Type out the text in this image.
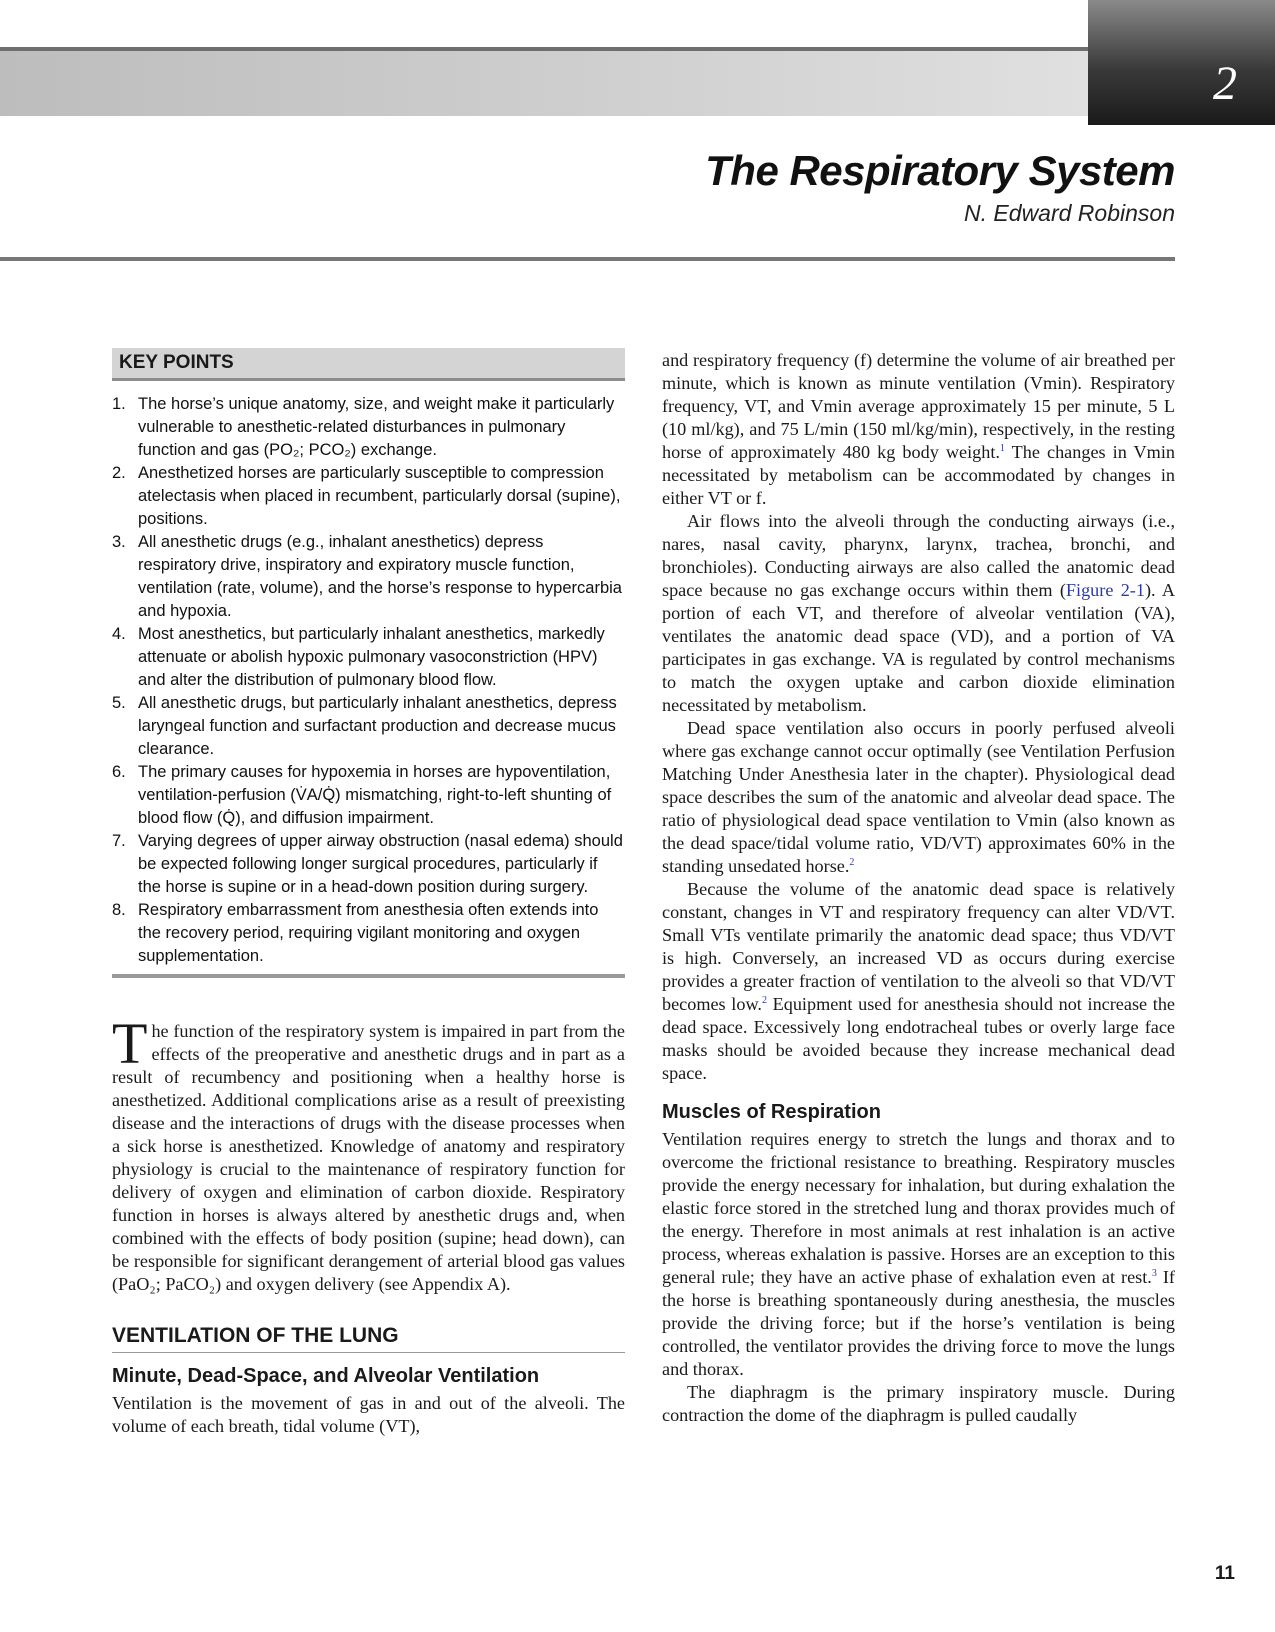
2
The Respiratory System
N. Edward Robinson
KEY POINTS
1. The horse’s unique anatomy, size, and weight make it particularly vulnerable to anesthetic-related disturbances in pulmonary function and gas (PO₂; PCO₂) exchange.
2. Anesthetized horses are particularly susceptible to compression atelectasis when placed in recumbent, particularly dorsal (supine), positions.
3. All anesthetic drugs (e.g., inhalant anesthetics) depress respiratory drive, inspiratory and expiratory muscle function, ventilation (rate, volume), and the horse’s response to hypercarbia and hypoxia.
4. Most anesthetics, but particularly inhalant anesthetics, markedly attenuate or abolish hypoxic pulmonary vasoconstriction (HPV) and alter the distribution of pulmonary blood flow.
5. All anesthetic drugs, but particularly inhalant anesthetics, depress laryngeal function and surfactant production and decrease mucus clearance.
6. The primary causes for hypoxemia in horses are hypoventilation, ventilation-perfusion (V̇A/Q̇) mismatching, right-to-left shunting of blood flow (Q̇), and diffusion impairment.
7. Varying degrees of upper airway obstruction (nasal edema) should be expected following longer surgical procedures, particularly if the horse is supine or in a head-down position during surgery.
8. Respiratory embarrassment from anesthesia often extends into the recovery period, requiring vigilant monitoring and oxygen supplementation.

The function of the respiratory system is impaired in part from the effects of the preoperative and anesthetic drugs and in part as a result of recumbency and positioning when a healthy horse is anesthetized. Additional complications arise as a result of preexisting disease and the interactions of drugs with the disease processes when a sick horse is anesthetized. Knowledge of anatomy and respiratory physiology is crucial to the maintenance of respiratory function for delivery of oxygen and elimination of carbon dioxide. Respiratory function in horses is always altered by anesthetic drugs and, when combined with the effects of body position (supine; head down), can be responsible for significant derangement of arterial blood gas values (PaO₂; PaCO₂) and oxygen delivery (see Appendix A).

VENTILATION OF THE LUNG
Minute, Dead-Space, and Alveolar Ventilation

Ventilation is the movement of gas in and out of the alveoli. The volume of each breath, tidal volume (VT),

and respiratory frequency (f) determine the volume of air breathed per minute, which is known as minute ventilation (Vmin). Respiratory frequency, VT, and Vmin average approximately 15 per minute, 5 L (10 ml/kg), and 75 L/min (150 ml/kg/min), respectively, in the resting horse of approximately 480 kg body weight.$^1$ The changes in Vmin necessitated by metabolism can be accommodated by changes in either VT or f.

Air flows into the alveoli through the conducting airways (i.e., nares, nasal cavity, pharynx, larynx, trachea, bronchi, and bronchioles). Conducting airways are also called the anatomic dead space because no gas exchange occurs within them (Figure 2-1). A portion of each VT, and therefore of alveolar ventilation (VA), ventilates the anatomic dead space (VD), and a portion of VA participates in gas exchange. VA is regulated by control mechanisms to match the oxygen uptake and carbon dioxide elimination necessitated by metabolism.

Dead space ventilation also occurs in poorly perfused alveoli where gas exchange cannot occur optimally (see Ventilation Perfusion Matching Under Anesthesia later in the chapter). Physiological dead space describes the sum of the anatomic and alveolar dead space. The ratio of physiological dead space ventilation to Vmin (also known as the dead space/tidal volume ratio, VD/VT) approximates 60% in the standing unsedated horse.$^2$

Because the volume of the anatomic dead space is relatively constant, changes in VT and respiratory frequency can alter VD/VT. Small VTs ventilate primarily the anatomic dead space; thus VD/VT is high. Conversely, an increased VD as occurs during exercise provides a greater fraction of ventilation to the alveoli so that VD/VT becomes low.$^2$ Equipment used for anesthesia should not increase the dead space. Excessively long endotracheal tubes or overly large face masks should be avoided because they increase mechanical dead space.

Muscles of Respiration

Ventilation requires energy to stretch the lungs and thorax and to overcome the frictional resistance to breathing. Respiratory muscles provide the energy necessary for inhalation, but during exhalation the elastic force stored in the stretched lung and thorax provides much of the energy. Therefore in most animals at rest inhalation is an active process, whereas exhalation is passive. Horses are an exception to this general rule; they have an active phase of exhalation even at rest.$^3$ If the horse is breathing spontaneously during anesthesia, the muscles provide the driving force; but if the horse’s ventilation is being controlled, the ventilator provides the driving force to move the lungs and thorax.

The diaphragm is the primary inspiratory muscle. During contraction the dome of the diaphragm is pulled caudally

11
